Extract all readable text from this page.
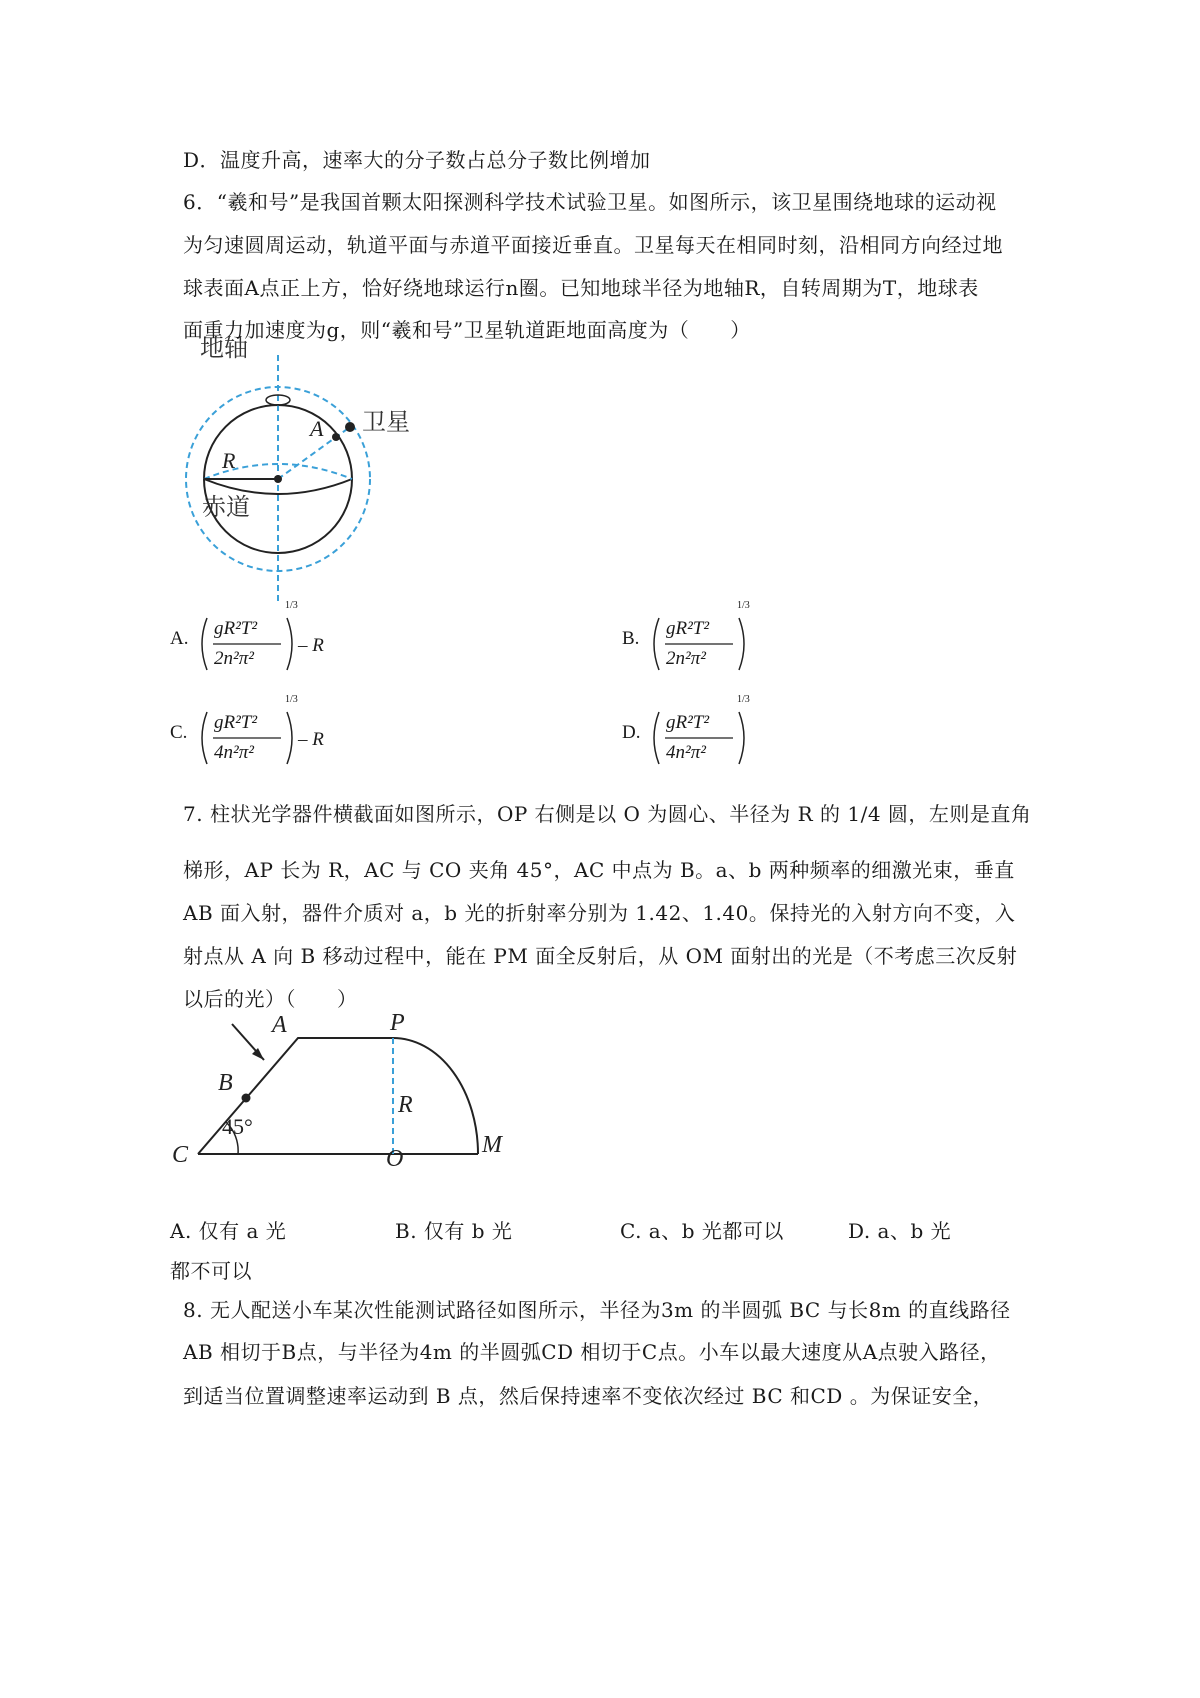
D．温度升高，速率大的分子数占总分子数比例增加
6．“羲和号”是我国首颗太阳探测科学技术试验卫星。如图所示，该卫星围绕地球的运动视
为匀速圆周运动，轨道平面与赤道平面接近垂直。卫星每天在相同时刻，沿相同方向经过地
球表面A点正上方，恰好绕地球运行n圈。已知地球半径为地轴R，自转周期为T，地球表
面重力加速度为g，则“羲和号”卫星轨道距地面高度为（　　）
地轴
卫星
A
R
赤道
A. gR²T²
2n²π²
1/3
– R	B. gR²T²
2n²π²
1/3
C. gR²T²
4n²π²
1/3
– R	D. gR²T²
4n²π²
1/3
7. 柱状光学器件横截面如图所示，OP 右侧是以 O 为圆心、半径为 R 的 1/4 圆，左则是直角
梯形，AP 长为 R，AC 与 CO 夹角 45°，AC 中点为 B。a、b 两种频率的细激光束，垂直
AB 面入射，器件介质对 a，b 光的折射率分别为 1.42、1.40。保持光的入射方向不变，入
射点从 A 向 B 移动过程中，能在 PM 面全反射后，从 OM 面射出的光是（不考虑三次反射
以后的光）（　　）
A	P
B
R
45°
C	O
M
A. 仅有 a 光	B. 仅有 b 光	C. a、b 光都可以	D. a、b 光
都不可以
8. 无人配送小车某次性能测试路径如图所示，半径为3m 的半圆弧 BC 与长8m 的直线路径
AB 相切于B点，与半径为4m 的半圆弧CD 相切于C点。小车以最大速度从A点驶入路径，
到适当位置调整速率运动到 B 点，然后保持速率不变依次经过 BC 和CD 。为保证安全，
